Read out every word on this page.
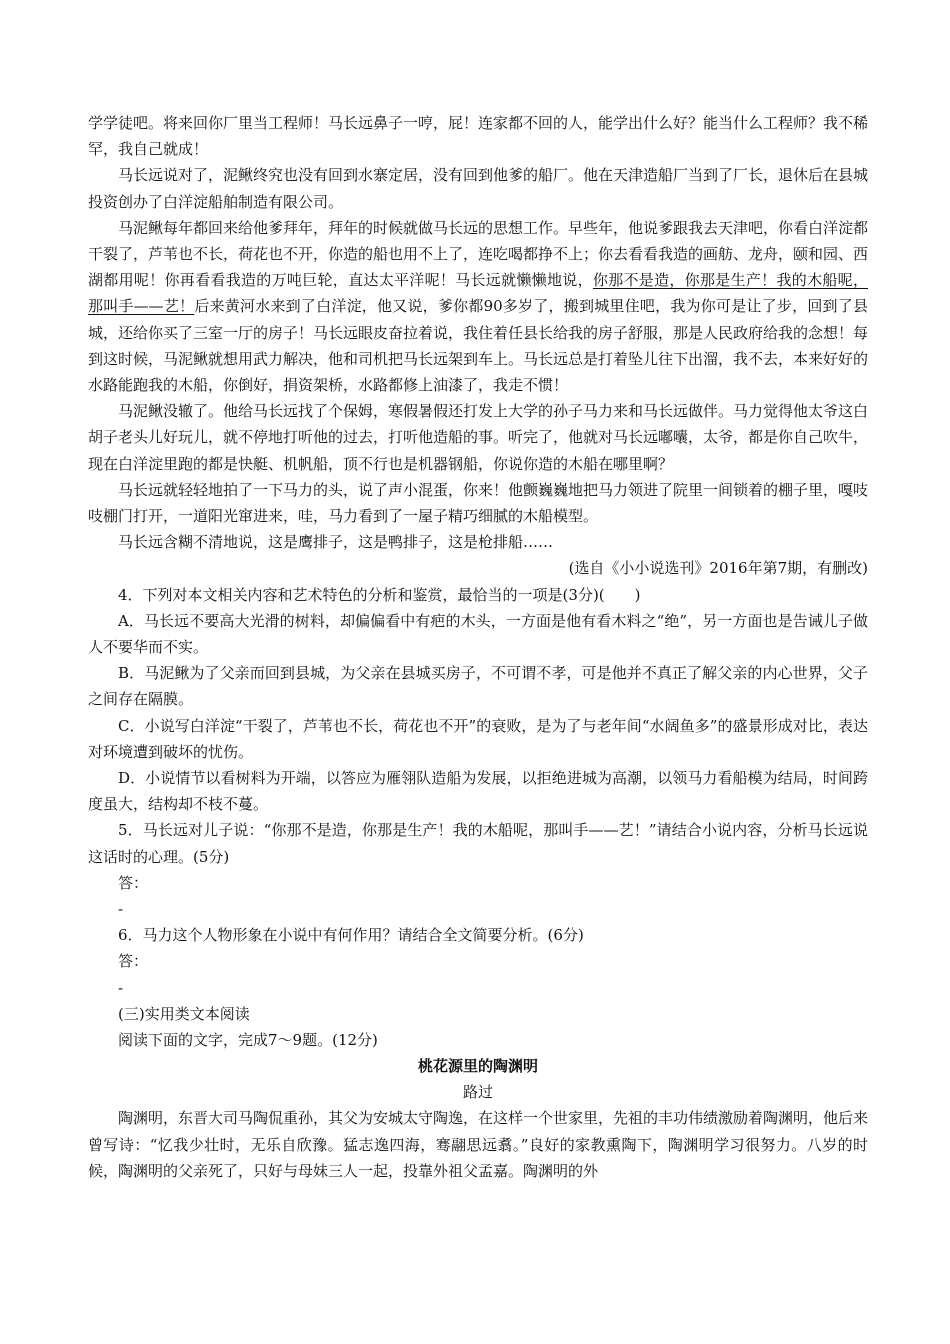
学学徒吧。将来回你厂里当工程师！马长远鼻子一哼，屁！连家都不回的人，能学出什么好？能当什么工程师？我不稀罕，我自己就成！

马长远说对了，泥鳅终究也没有回到水寨定居，没有回到他爹的船厂。他在天津造船厂当到了厂长，退休后在县城投资创办了白洋淀船舶制造有限公司。

马泥鳅每年都回来给他爹拜年，拜年的时候就做马长远的思想工作。早些年，他说爹跟我去天津吧，你看白洋淀都干裂了，芦苇也不长，荷花也不开，你造的船也用不上了，连吃喝都挣不上；你去看看我造的画舫、龙舟，颐和园、西湖都用呢！你再看看我造的万吨巨轮，直达太平洋呢！马长远就懒懒地说，你那不是造，你那是生产！我的木船呢，那叫手——艺！后来黄河水来到了白洋淀，他又说，爹你都90多岁了，搬到城里住吧，我为你可是让了步，回到了县城，还给你买了三室一厅的房子！马长远眼皮奋拉着说，我住着任县长给我的房子舒服，那是人民政府给我的念想！每到这时候，马泥鳅就想用武力解决，他和司机把马长远架到车上。马长远总是打着坠儿往下出溜，我不去，本来好好的水路能跑我的木船，你倒好，捐资架桥，水路都修上油漆了，我走不惯！

马泥鳅没辙了。他给马长远找了个保姆，寒假暑假还打发上大学的孙子马力来和马长远做伴。马力觉得他太爷这白胡子老头儿好玩儿，就不停地打听他的过去，打听他造船的事。听完了，他就对马长远嘟囔，太爷，都是你自己吹牛，现在白洋淀里跑的都是快艇、机帆船，顶不行也是机器钢船，你说你造的木船在哪里啊？

马长远就轻轻地拍了一下马力的头，说了声小混蛋，你来！他颤巍巍地把马力领进了院里一间锁着的棚子里，嘎吱吱棚门打开，一道阳光窜进来，哇，马力看到了一屋子精巧细腻的木船模型。

马长远含糊不清地说，这是鹰排子，这是鸭排子，这是枪排船……

(选自《小小说选刊》2016年第7期，有删改)

4．下列对本文相关内容和艺术特色的分析和鉴赏，最恰当的一项是(3分)(　　)

A．马长远不要高大光滑的树料，却偏偏看中有疤的木头，一方面是他有看木料之“绝”，另一方面也是告诫儿子做人不要华而不实。

B．马泥鳅为了父亲而回到县城，为父亲在县城买房子，不可谓不孝，可是他并不真正了解父亲的内心世界，父子之间存在隔膜。

C．小说写白洋淀“干裂了，芦苇也不长，荷花也不开”的衰败，是为了与老年间“水阔鱼多”的盛景形成对比，表达对环境遭到破坏的忧伤。

D．小说情节以看树料为开端，以答应为雁翎队造船为发展，以拒绝进城为高潮，以领马力看船模为结局，时间跨度虽大，结构却不枝不蔓。

5．马长远对儿子说：“你那不是造，你那是生产！我的木船呢，那叫手——艺！”请结合小说内容，分析马长远说这话时的心理。(5分)

答：

-

6．马力这个人物形象在小说中有何作用？请结合全文简要分析。(6分)

答：

-

(三)实用类文本阅读

阅读下面的文字，完成7～9题。(12分)

桃花源里的陶渊明

路过

陶渊明，东晋大司马陶侃重孙，其父为安城太守陶逸，在这样一个世家里，先祖的丰功伟绩激励着陶渊明，他后来曾写诗：“忆我少壮时，无乐自欣豫。猛志逸四海，骞翮思远翥。”良好的家教熏陶下，陶渊明学习很努力。八岁的时候，陶渊明的父亲死了，只好与母妹三人一起，投靠外祖父孟嘉。陶渊明的外
